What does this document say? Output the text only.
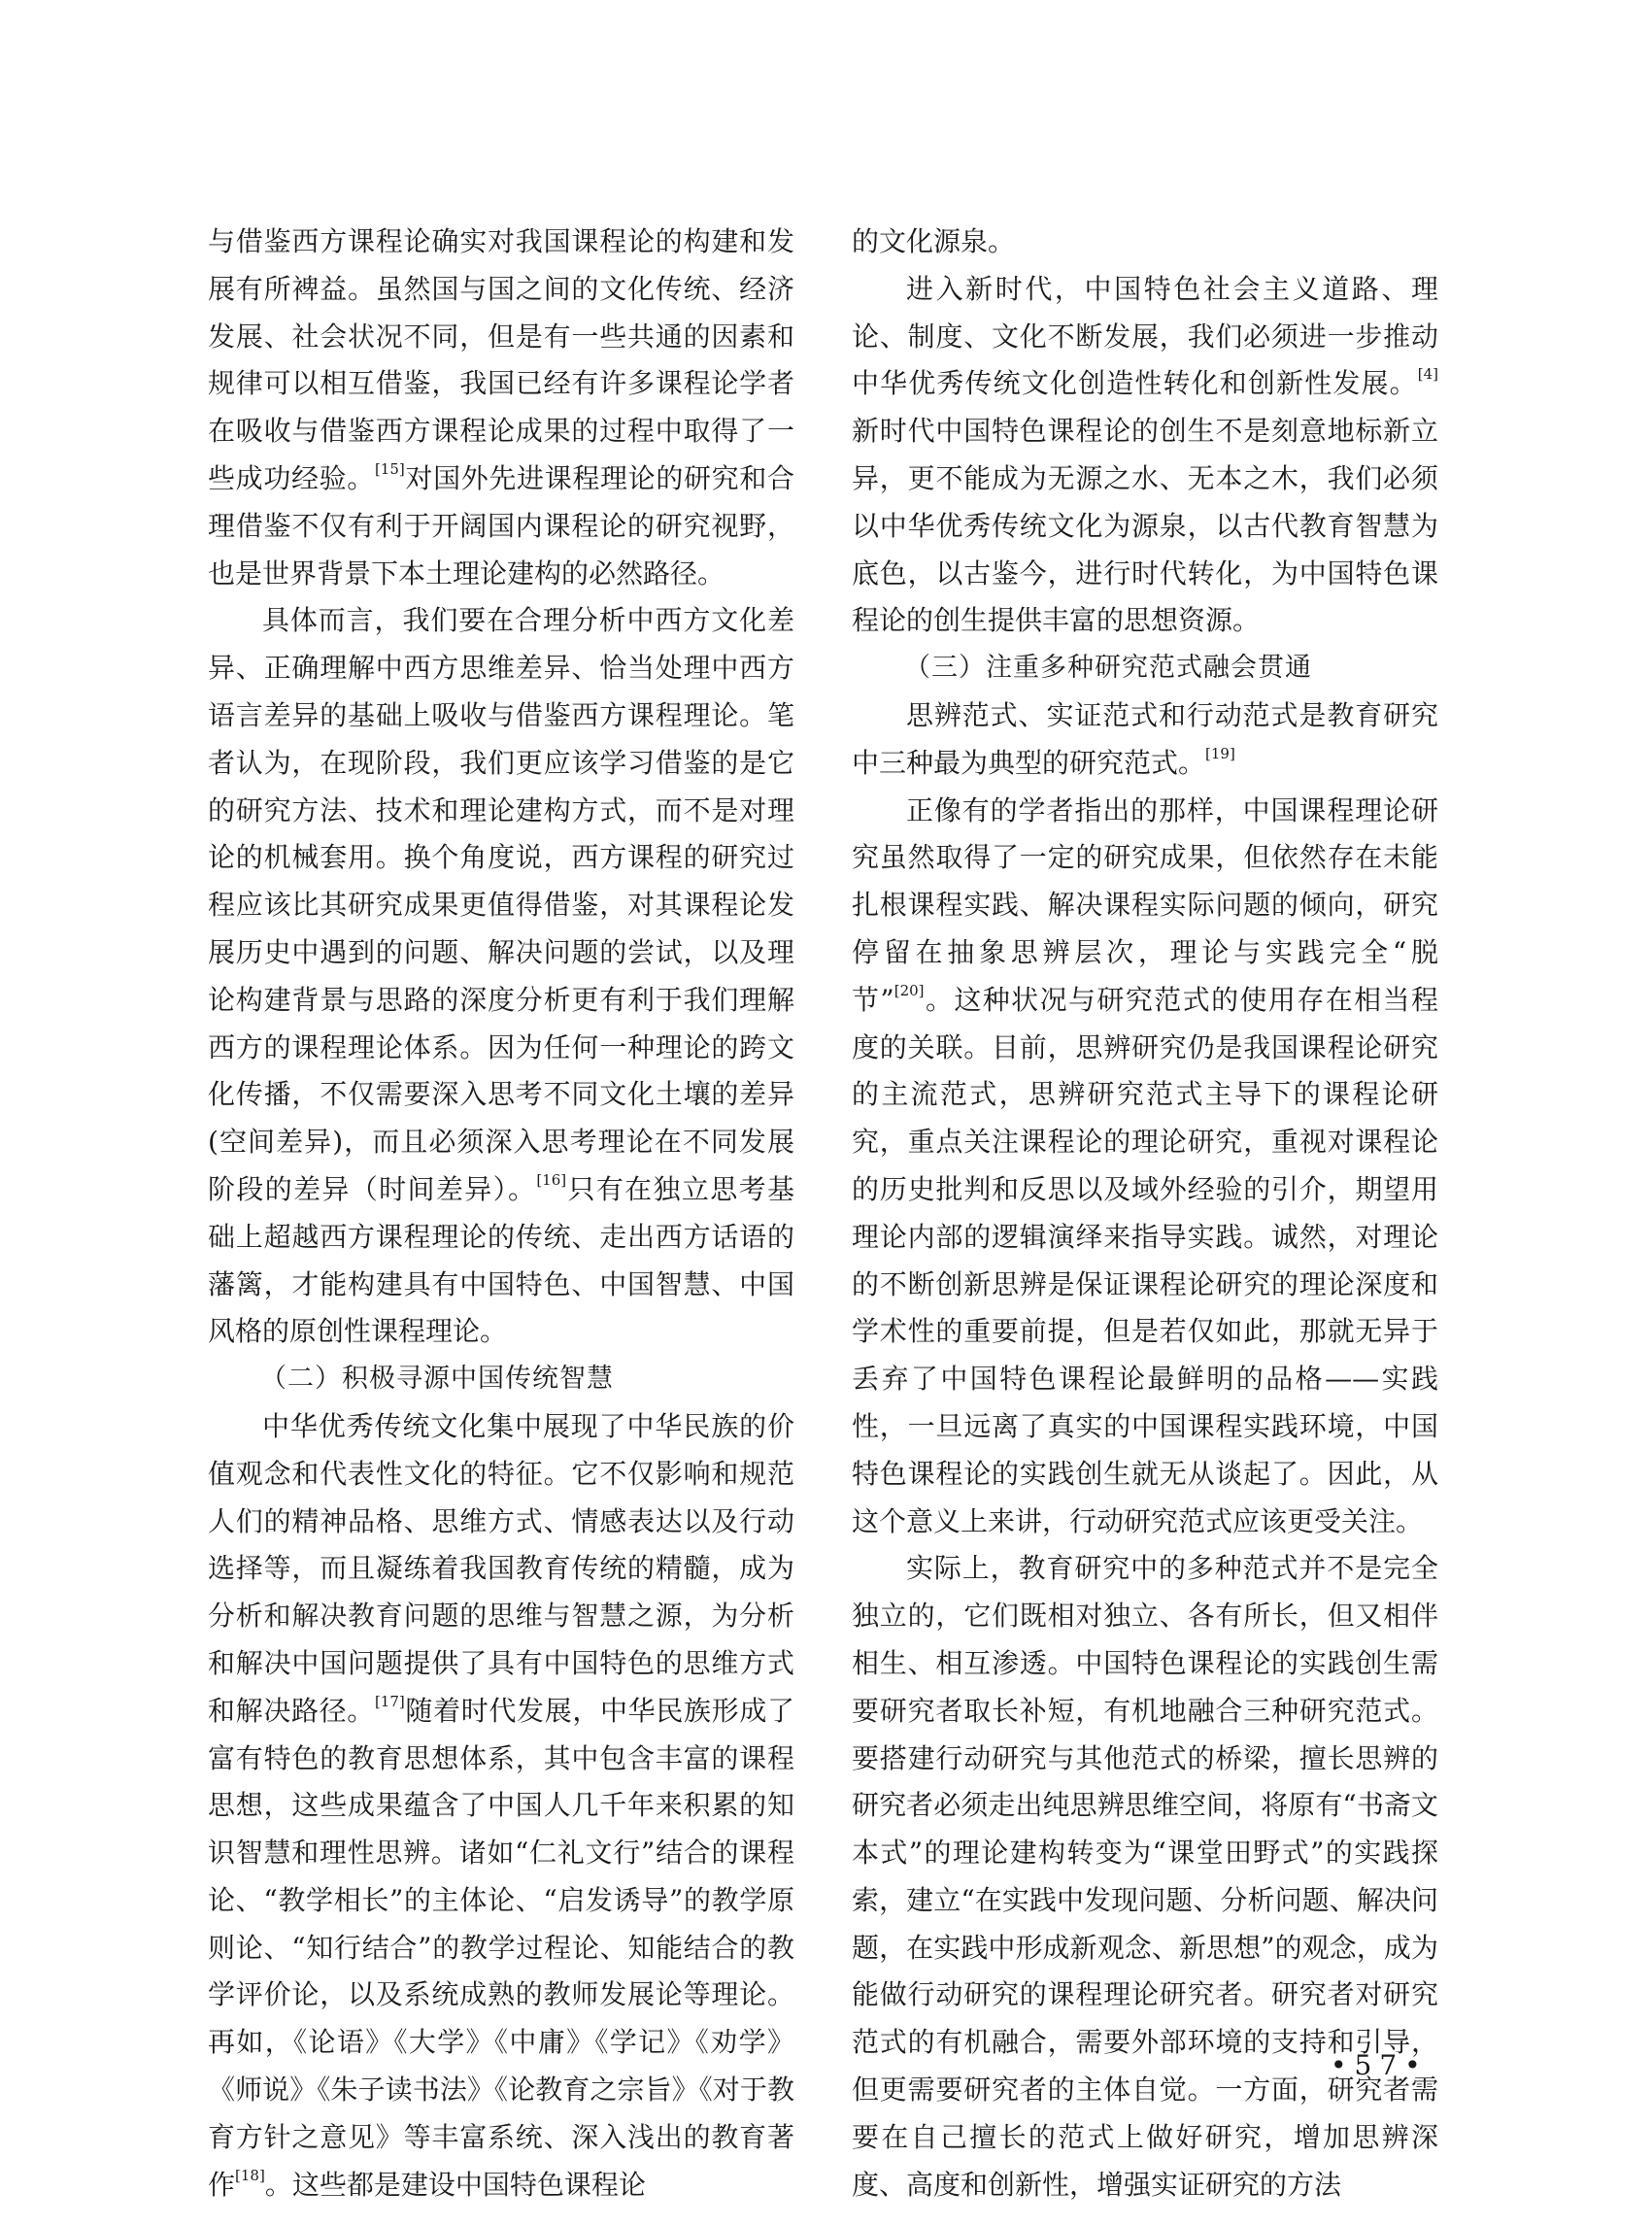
与借鉴西方课程论确实对我国课程论的构建和发展有所裨益。虽然国与国之间的文化传统、经济发展、社会状况不同，但是有一些共通的因素和规律可以相互借鉴，我国已经有许多课程论学者在吸收与借鉴西方课程论成果的过程中取得了一些成功经验。[15]对国外先进课程理论的研究和合理借鉴不仅有利于开阔国内课程论的研究视野，也是世界背景下本土理论建构的必然路径。

具体而言，我们要在合理分析中西方文化差异、正确理解中西方思维差异、恰当处理中西方语言差异的基础上吸收与借鉴西方课程理论。笔者认为，在现阶段，我们更应该学习借鉴的是它的研究方法、技术和理论建构方式，而不是对理论的机械套用。换个角度说，西方课程的研究过程应该比其研究成果更值得借鉴，对其课程论发展历史中遇到的问题、解决问题的尝试，以及理论构建背景与思路的深度分析更有利于我们理解西方的课程理论体系。因为任何一种理论的跨文化传播，不仅需要深入思考不同文化土壤的差异(空间差异)，而且必须深入思考理论在不同发展阶段的差异（时间差异）。[16]只有在独立思考基础上超越西方课程理论的传统、走出西方话语的藩篱，才能构建具有中国特色、中国智慧、中国风格的原创性课程理论。

（二）积极寻源中国传统智慧

中华优秀传统文化集中展现了中华民族的价值观念和代表性文化的特征。它不仅影响和规范人们的精神品格、思维方式、情感表达以及行动选择等，而且凝练着我国教育传统的精髓，成为分析和解决教育问题的思维与智慧之源，为分析和解决中国问题提供了具有中国特色的思维方式和解决路径。[17]随着时代发展，中华民族形成了富有特色的教育思想体系，其中包含丰富的课程思想，这些成果蕴含了中国人几千年来积累的知识智慧和理性思辨。诸如“仁礼文行”结合的课程论、“教学相长”的主体论、“启发诱导”的教学原则论、“知行结合”的教学过程论、知能结合的教学评价论，以及系统成熟的教师发展论等理论。再如，《论语》《大学》《中庸》《学记》《劝学》《师说》《朱子读书法》《论教育之宗旨》《对于教育方针之意见》等丰富系统、深入浅出的教育著作[18]。这些都是建设中国特色课程论

的文化源泉。

进入新时代，中国特色社会主义道路、理论、制度、文化不断发展，我们必须进一步推动中华优秀传统文化创造性转化和创新性发展。[4]新时代中国特色课程论的创生不是刻意地标新立异，更不能成为无源之水、无本之木，我们必须以中华优秀传统文化为源泉，以古代教育智慧为底色，以古鉴今，进行时代转化，为中国特色课程论的创生提供丰富的思想资源。

（三）注重多种研究范式融会贯通

思辨范式、实证范式和行动范式是教育研究中三种最为典型的研究范式。[19]

正像有的学者指出的那样，中国课程理论研究虽然取得了一定的研究成果，但依然存在未能扎根课程实践、解决课程实际问题的倾向，研究停留在抽象思辨层次，理论与实践完全“脱节”[20]。这种状况与研究范式的使用存在相当程度的关联。目前，思辨研究仍是我国课程论研究的主流范式，思辨研究范式主导下的课程论研究，重点关注课程论的理论研究，重视对课程论的历史批判和反思以及域外经验的引介，期望用理论内部的逻辑演绎来指导实践。诚然，对理论的不断创新思辨是保证课程论研究的理论深度和学术性的重要前提，但是若仅如此，那就无异于丢弃了中国特色课程论最鲜明的品格——实践性，一旦远离了真实的中国课程实践环境，中国特色课程论的实践创生就无从谈起了。因此，从这个意义上来讲，行动研究范式应该更受关注。

实际上，教育研究中的多种范式并不是完全独立的，它们既相对独立、各有所长，但又相伴相生、相互渗透。中国特色课程论的实践创生需要研究者取长补短，有机地融合三种研究范式。要搭建行动研究与其他范式的桥梁，擅长思辨的研究者必须走出纯思辨思维空间，将原有“书斋文本式”的理论建构转变为“课堂田野式”的实践探索，建立“在实践中发现问题、分析问题、解决问题，在实践中形成新观念、新思想”的观念，成为能做行动研究的课程理论研究者。研究者对研究范式的有机融合，需要外部环境的支持和引导，但更需要研究者的主体自觉。一方面，研究者需要在自己擅长的范式上做好研究，增加思辨深度、高度和创新性，增强实证研究的方法

•57•
